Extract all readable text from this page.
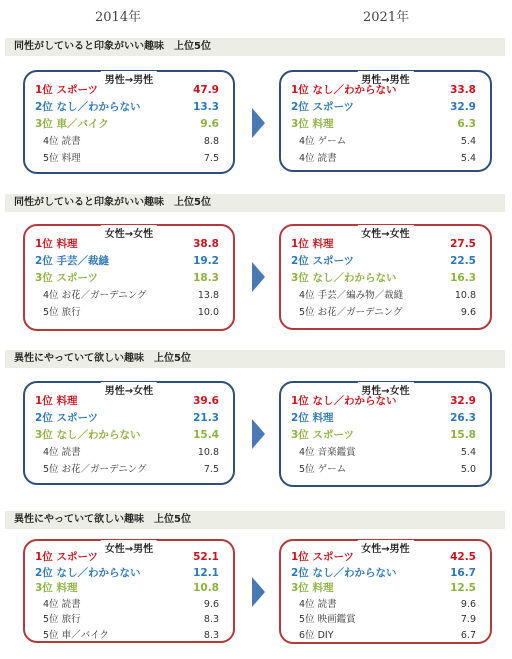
2014年	2021年
同性がしていると印象がいい趣味　上位5位
男性→男性
1位 スポーツ	47.9
2位 なし／わからない	13.3
3位 車／バイク	9.6
4位 読書	8.8
5位 料理	7.5
男性→男性
1位 なし／わからない	33.8
2位 スポーツ	32.9
3位 料理	6.3
4位 ゲーム	5.4
4位 読書	5.4
同性がしていると印象がいい趣味　上位5位
女性→女性
1位 料理	38.8
2位 手芸／裁縫	19.2
3位 スポーツ	18.3
4位 お花／ガーデニング	13.8
5位 旅行	10.0
女性→女性
1位 料理	27.5
2位 スポーツ	22.5
3位 なし／わからない	16.3
4位 手芸／編み物／裁縫	10.8
5位 お花／ガーデニング	9.6
異性にやっていて欲しい趣味　上位5位
男性→女性
1位 料理	39.6
2位 スポーツ	21.3
3位 なし／わからない	15.4
4位 読書	10.8
5位 お花／ガーデニング	7.5
男性→女性
1位 なし／わからない	32.9
2位 料理	26.3
3位 スポーツ	15.8
4位 音楽鑑賞	5.4
5位 ゲーム	5.0
異性にやっていて欲しい趣味　上位5位
女性→男性
1位 スポーツ	52.1
2位 なし／わからない	12.1
3位 料理	10.8
4位 読書	9.6
5位 旅行	8.3
5位 車／バイク	8.3
女性→男性
1位 スポーツ	42.5
2位 なし／わからない	16.7
3位 料理	12.5
4位 読書	9.6
5位 映画鑑賞	7.9
6位 DIY	6.7
